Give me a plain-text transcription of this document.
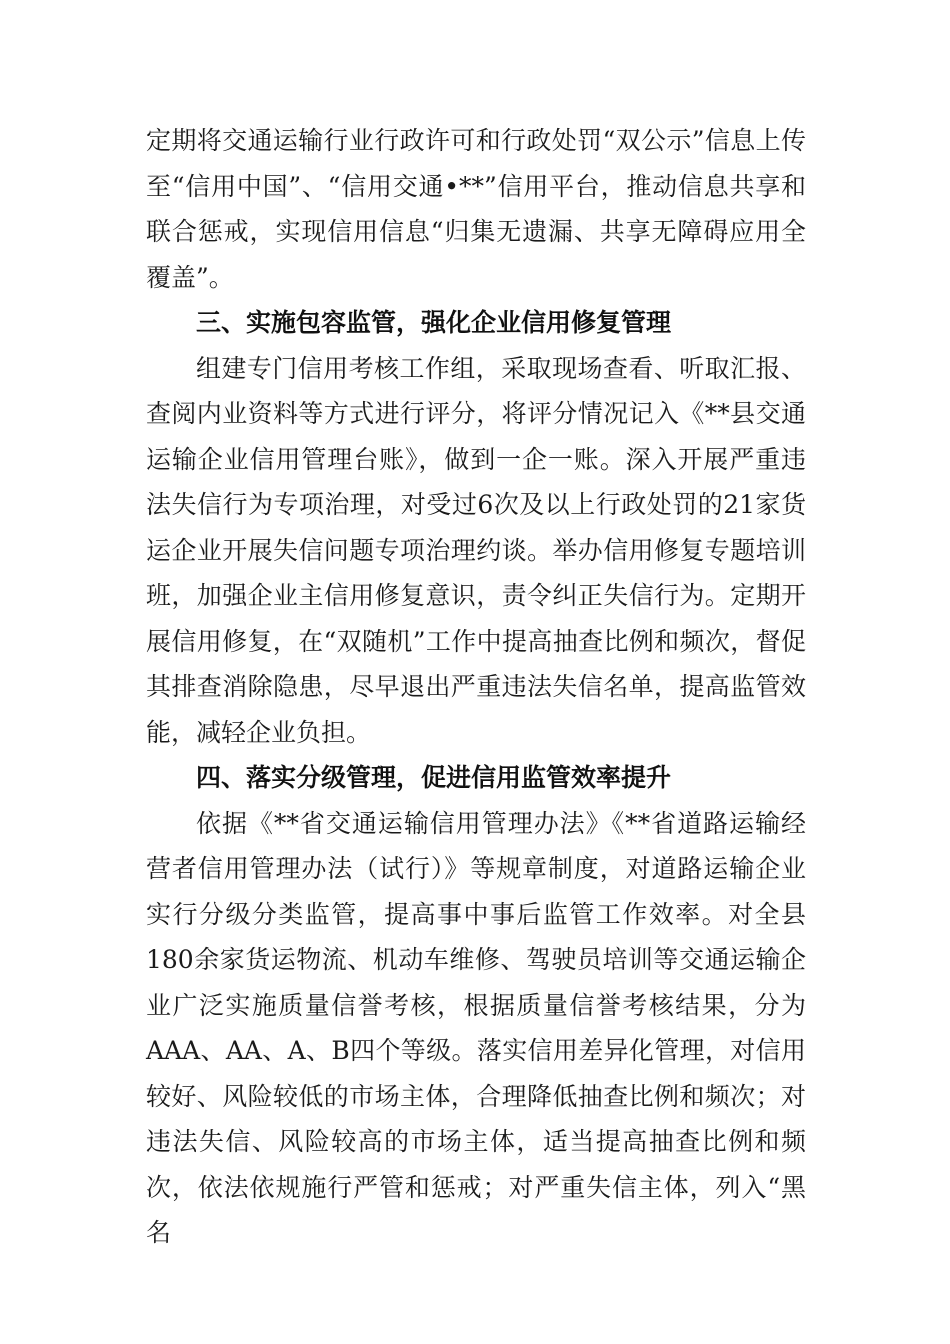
定期将交通运输行业行政许可和行政处罚“双公示”信息上传至“信用中国”、“信用交通•**”信用平台，推动信息共享和联合惩戒，实现信用信息“归集无遗漏、共享无障碍应用全覆盖”。

三、实施包容监管，强化企业信用修复管理

组建专门信用考核工作组，采取现场查看、听取汇报、查阅内业资料等方式进行评分，将评分情况记入《**县交通运输企业信用管理台账》，做到一企一账。深入开展严重违法失信行为专项治理，对受过6次及以上行政处罚的21家货运企业开展失信问题专项治理约谈。举办信用修复专题培训班，加强企业主信用修复意识，责令纠正失信行为。定期开展信用修复，在“双随机”工作中提高抽查比例和频次，督促其排查消除隐患，尽早退出严重违法失信名单，提高监管效能，减轻企业负担。

四、落实分级管理，促进信用监管效率提升

依据《**省交通运输信用管理办法》《**省道路运输经营者信用管理办法（试行）》等规章制度，对道路运输企业实行分级分类监管，提高事中事后监管工作效率。对全县180余家货运物流、机动车维修、驾驶员培训等交通运输企业广泛实施质量信誉考核，根据质量信誉考核结果，分为AAA、AA、A、B四个等级。落实信用差异化管理，对信用较好、风险较低的市场主体，合理降低抽查比例和频次；对违法失信、风险较高的市场主体，适当提高抽查比例和频次，依法依规施行严管和惩戒；对严重失信主体，列入“黑名
